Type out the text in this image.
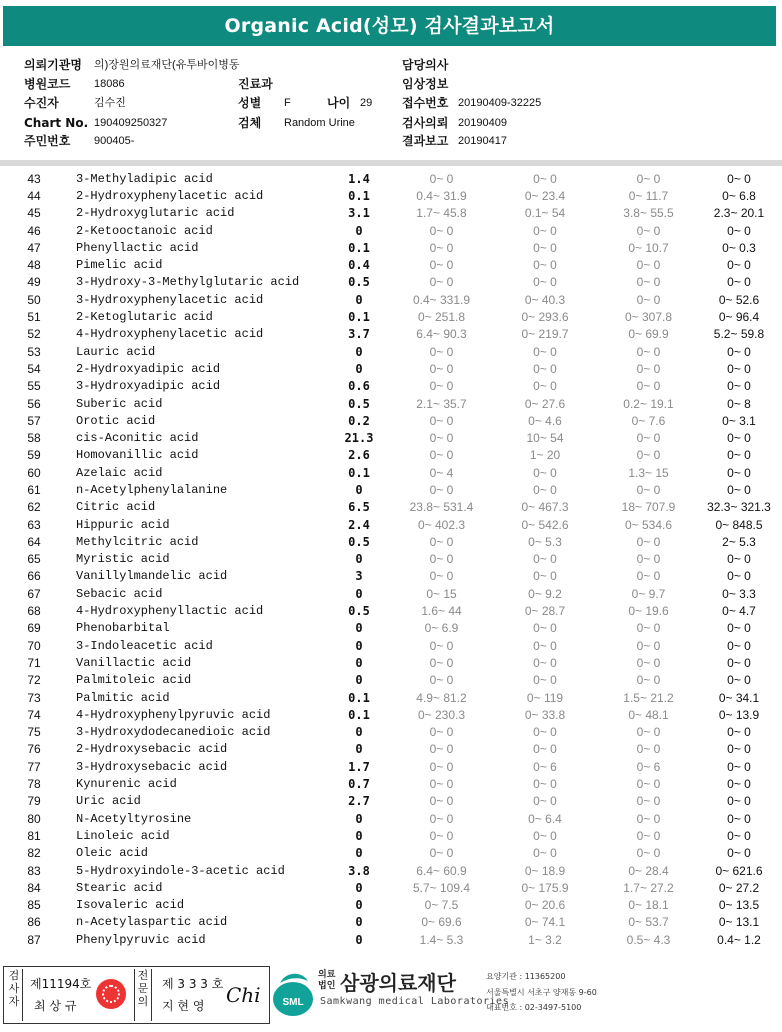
Organic Acid(성모) 검사결과보고서
의뢰기관명 의)장원의료재단(유투바이병동
병원코드 18086
수진자	김수진
Chart No. 190409250327
주민번호 900405-
진료과
성별 F
검체 Random Urine
나이 29
담당의사
임상정보
접수번호 20190409-32225
검사의뢰 20190409
결과보고 20190417
43	3-Methyladipic acid	1.4	0~ 0	0~ 0	0~ 0	0~ 0
44	2-Hydroxyphenylacetic acid	0.1	0.4~ 31.9	0~ 23.4	0~ 11.7	0~ 6.8
45	2-Hydroxyglutaric acid	3.1	1.7~ 45.8	0.1~ 54	3.8~ 55.5	2.3~ 20.1
46	2-Ketooctanoic acid	0	0~ 0	0~ 0	0~ 0	0~ 0
47	Phenyllactic acid	0.1	0~ 0	0~ 0	0~ 10.7	0~ 0.3
48	Pimelic acid	0.4	0~ 0	0~ 0	0~ 0	0~ 0
49	3-Hydroxy-3-Methylglutaric acid	0.5	0~ 0	0~ 0	0~ 0	0~ 0
50	3-Hydroxyphenylacetic acid	0	0.4~ 331.9	0~ 40.3	0~ 0	0~ 52.6
51	2-Ketoglutaric acid	0.1	0~ 251.8	0~ 293.6	0~ 307.8	0~ 96.4
52	4-Hydroxyphenylacetic acid	3.7	6.4~ 90.3	0~ 219.7	0~ 69.9	5.2~ 59.8
53	Lauric acid	0	0~ 0	0~ 0	0~ 0	0~ 0
54	2-Hydroxyadipic acid	0	0~ 0	0~ 0	0~ 0	0~ 0
55	3-Hydroxyadipic acid	0.6	0~ 0	0~ 0	0~ 0	0~ 0
56	Suberic acid	0.5	2.1~ 35.7	0~ 27.6	0.2~ 19.1	0~ 8
57	Orotic acid	0.2	0~ 0	0~ 4.6	0~ 7.6	0~ 3.1
58	cis-Aconitic acid	21.3	0~ 0	10~ 54	0~ 0	0~ 0
59	Homovanillic acid	2.6	0~ 0	1~ 20	0~ 0	0~ 0
60	Azelaic acid	0.1	0~ 4	0~ 0	1.3~ 15	0~ 0
61	n-Acetylphenylalanine	0	0~ 0	0~ 0	0~ 0	0~ 0
62	Citric acid	6.5	23.8~ 531.4	0~ 467.3	18~ 707.9	32.3~ 321.3
63	Hippuric acid	2.4	0~ 402.3	0~ 542.6	0~ 534.6	0~ 848.5
64	Methylcitric acid	0.5	0~ 0	0~ 5.3	0~ 0	2~ 5.3
65	Myristic acid	0	0~ 0	0~ 0	0~ 0	0~ 0
66	Vanillylmandelic acid	3	0~ 0	0~ 0	0~ 0	0~ 0
67	Sebacic acid	0	0~ 15	0~ 9.2	0~ 9.7	0~ 3.3
68	4-Hydroxyphenyllactic acid	0.5	1.6~ 44	0~ 28.7	0~ 19.6	0~ 4.7
69	Phenobarbital	0	0~ 6.9	0~ 0	0~ 0	0~ 0
70	3-Indoleacetic acid	0	0~ 0	0~ 0	0~ 0	0~ 0
71	Vanillactic acid	0	0~ 0	0~ 0	0~ 0	0~ 0
72	Palmitoleic acid	0	0~ 0	0~ 0	0~ 0	0~ 0
73	Palmitic acid	0.1	4.9~ 81.2	0~ 119	1.5~ 21.2	0~ 34.1
74	4-Hydroxyphenylpyruvic acid	0.1	0~ 230.3	0~ 33.8	0~ 48.1	0~ 13.9
75	3-Hydroxydodecanedioic acid	0	0~ 0	0~ 0	0~ 0	0~ 0
76	2-Hydroxysebacic acid	0	0~ 0	0~ 0	0~ 0	0~ 0
77	3-Hydroxysebacic acid	1.7	0~ 0	0~ 6	0~ 6	0~ 0
78	Kynurenic acid	0.7	0~ 0	0~ 0	0~ 0	0~ 0
79	Uric acid	2.7	0~ 0	0~ 0	0~ 0	0~ 0
80	N-Acetyltyrosine	0	0~ 0	0~ 6.4	0~ 0	0~ 0
81	Linoleic acid	0	0~ 0	0~ 0	0~ 0	0~ 0
82	Oleic acid	0	0~ 0	0~ 0	0~ 0	0~ 0
83	5-Hydroxyindole-3-acetic acid	3.8	6.4~ 60.9	0~ 18.9	0~ 28.4	0~ 621.6
84	Stearic acid	0	5.7~ 109.4	0~ 175.9	1.7~ 27.2	0~ 27.2
85	Isovaleric acid	0	0~ 7.5	0~ 20.6	0~ 18.1	0~ 13.5
86	n-Acetylaspartic acid	0	0~ 69.6	0~ 74.1	0~ 53.7	0~ 13.1
87	Phenylpyruvic acid	0	1.4~ 5.3	1~ 3.2	0.5~ 4.3	0.4~ 1.2
검사자
제11194호
최 상 규
전문의
제 3 3 3 호
지 현 영 Chi SML
의료법인 삼광의료재단
Samkwang medical Laboratories
요양기관 : 11365200
서울특별시 서초구 양재동 9-60
대표번호 : 02-3497-5100
